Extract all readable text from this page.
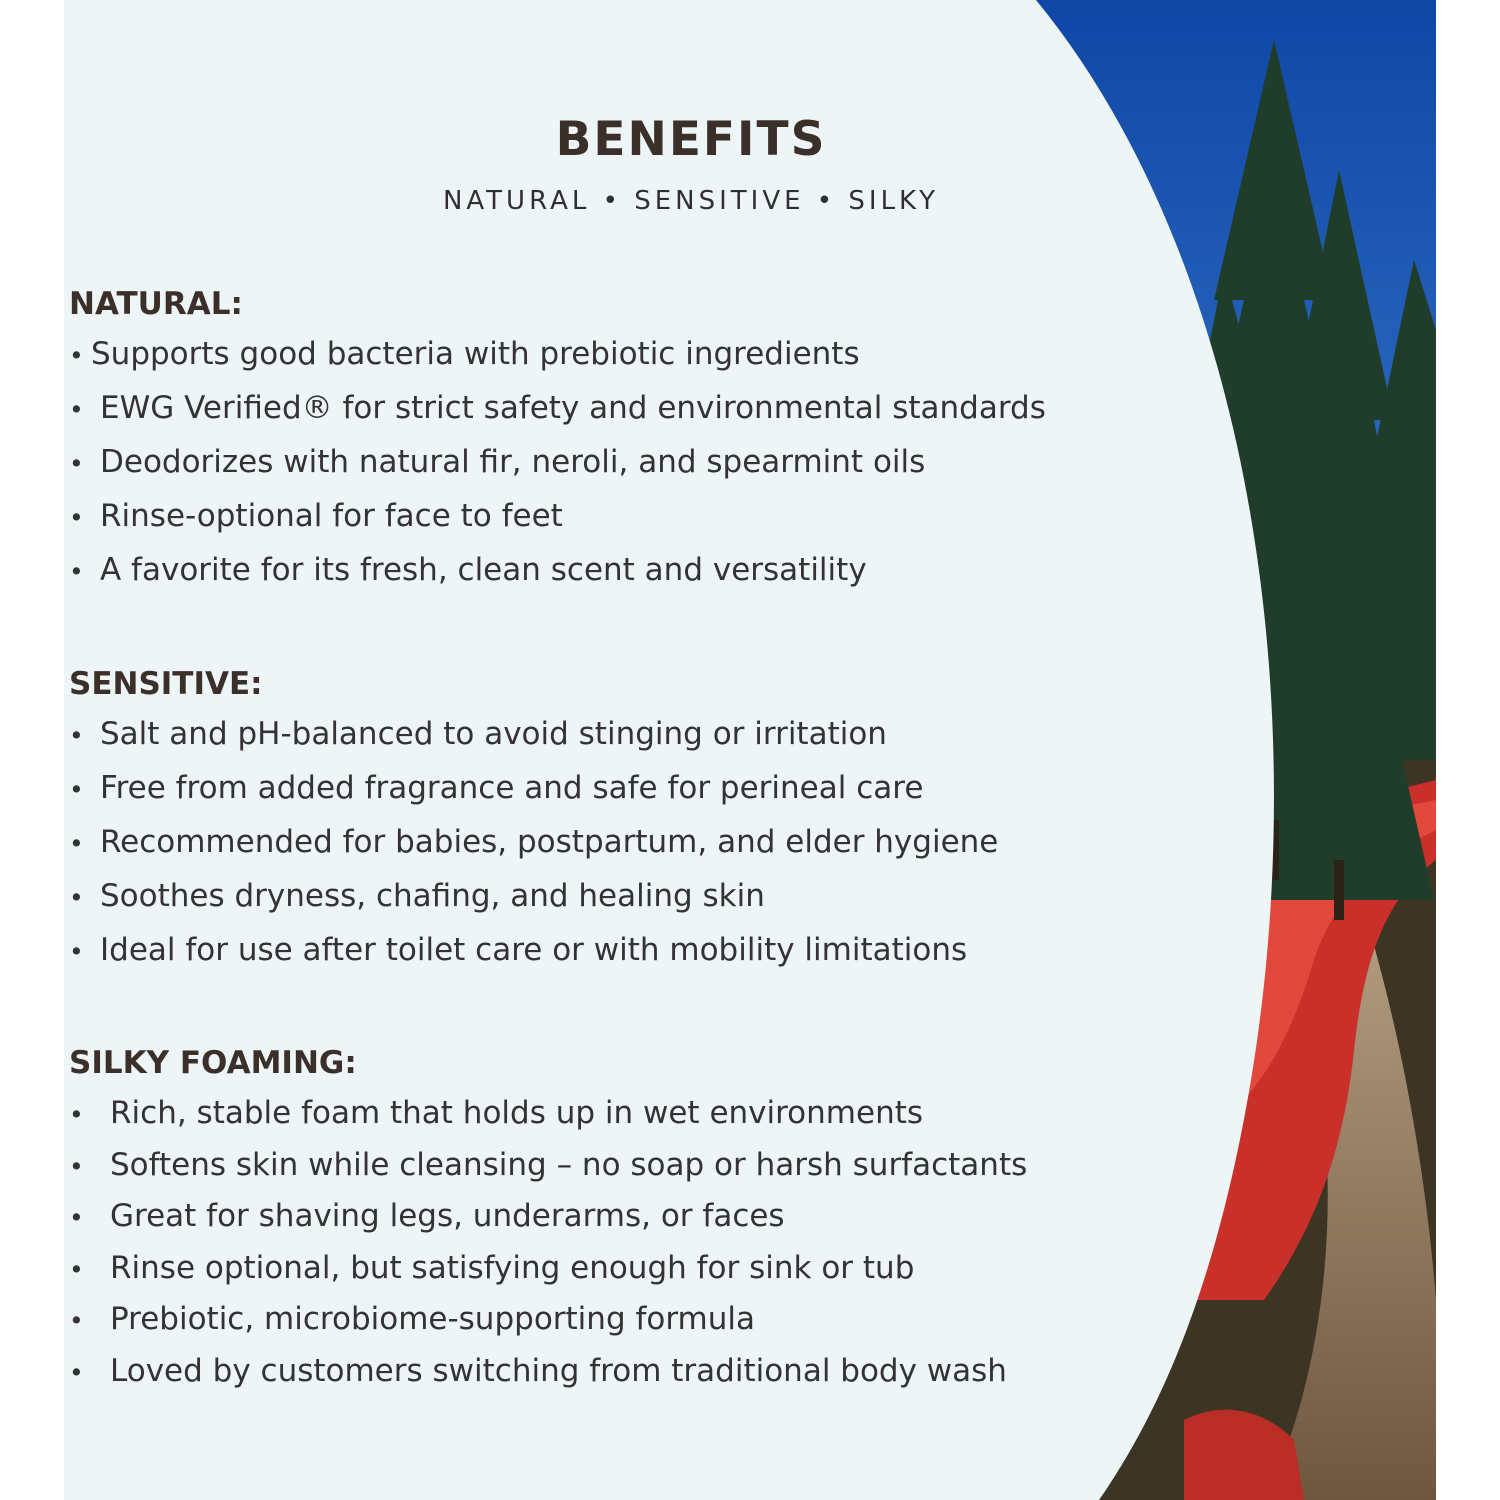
BENEFITS
NATURAL • SENSITIVE • SILKY
NATURAL:
• Supports good bacteria with prebiotic ingredients
• EWG Verified® for strict safety and environmental standards
• Deodorizes with natural fir, neroli, and spearmint oils
• Rinse-optional for face to feet
• A favorite for its fresh, clean scent and versatility
SENSITIVE:
• Salt and pH-balanced to avoid stinging or irritation
• Free from added fragrance and safe for perineal care
• Recommended for babies, postpartum, and elder hygiene
• Soothes dryness, chafing, and healing skin
• Ideal for use after toilet care or with mobility limitations
SILKY FOAMING:
• Rich, stable foam that holds up in wet environments
• Softens skin while cleansing – no soap or harsh surfactants
• Great for shaving legs, underarms, or faces
• Rinse optional, but satisfying enough for sink or tub
• Prebiotic, microbiome-supporting formula
• Loved by customers switching from traditional body wash
